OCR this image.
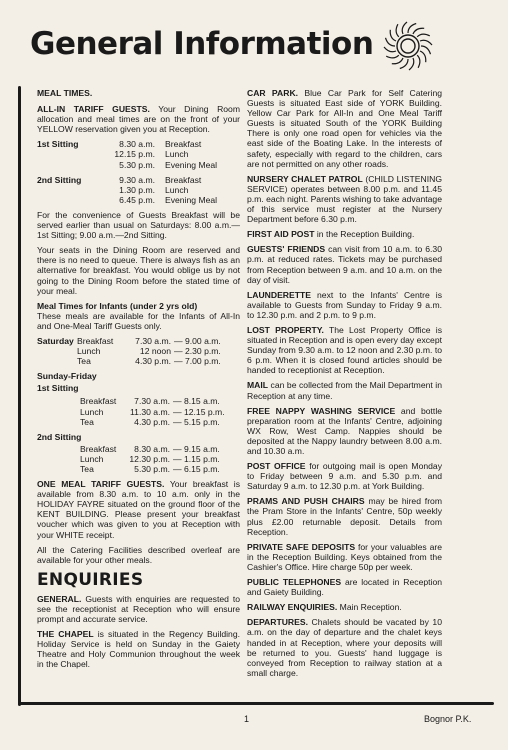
General Information
MEAL TIMES.

ALL-IN TARIFF GUESTS. Your Dining Room allocation and meal times are on the front of your YELLOW reservation given you at Reception.

1st Sitting	8.30 a.m.	Breakfast
	12.15 p.m.	Lunch
	5.30 p.m.	Evening Meal
2nd Sitting	9.30 a.m.	Breakfast
	1.30 p.m.	Lunch
	6.45 p.m.	Evening Meal

For the convenience of Guests Breakfast will be served earlier than usual on Saturdays: 8.00 a.m.—1st Sitting; 9.00 a.m.—2nd Sitting.

Your seats in the Dining Room are reserved and there is no need to queue. There is always fish as an alternative for breakfast. You would oblige us by not going to the Dining Room before the stated time of your meal.

Meal Times for Infants (under 2 yrs old)

These meals are available for the Infants of All-In and One-Meal Tariff Guests only.

Saturday	Breakfast	7.30 a.m.	— 9.00 a.m.
	Lunch	12 noon	— 2.30 p.m.
	Tea	4.30 p.m.	— 7.00 p.m.
Sunday-Friday
1st Sitting
	Breakfast	7.30 a.m.	— 8.15 a.m.
	Lunch	11.30 a.m.	— 12.15 p.m.
	Tea	4.30 p.m.	— 5.15 p.m.
2nd Sitting
	Breakfast	8.30 a.m.	— 9.15 a.m.
	Lunch	12.30 p.m.	— 1.15 p.m.
	Tea	5.30 p.m.	— 6.15 p.m.

ONE MEAL TARIFF GUESTS. Your breakfast is available from 8.30 a.m. to 10 a.m. only in the HOLIDAY FAYRE situated on the ground floor of the KENT BUILDING. Please present your breakfast voucher which was given to you at Reception with your WHITE receipt.

All the Catering Facilities described overleaf are available for your other meals.

ENQUIRIES

GENERAL. Guests with enquiries are requested to see the receptionist at Reception who will ensure prompt and accurate service.

THE CHAPEL is situated in the Regency Building. Holiday Service is held on Sunday in the Gaiety Theatre and Holy Communion throughout the week in the Chapel.

CAR PARK. Blue Car Park for Self Catering Guests is situated East side of YORK Building. Yellow Car Park for All-In and One Meal Tariff Guests is situated South of the YORK Building There is only one road open for vehicles via the east side of the Boating Lake. In the interests of safety, especially with regard to the children, cars are not permitted on any other roads.

NURSERY CHALET PATROL (CHILD LISTENING SERVICE) operates between 8.00 p.m. and 11.45 p.m. each night. Parents wishing to take advantage of this service must register at the Nursery Department before 6.30 p.m.

FIRST AID POST in the Reception Building.

GUESTS' FRIENDS can visit from 10 a.m. to 6.30 p.m. at reduced rates. Tickets may be purchased from Reception between 9 a.m. and 10 a.m. on the day of visit.

LAUNDERETTE next to the Infants' Centre is available to Guests from Sunday to Friday 9 a.m. to 12.30 p.m. and 2 p.m. to 9 p.m.

LOST PROPERTY. The Lost Property Office is situated in Reception and is open every day except Sunday from 9.30 a.m. to 12 noon and 2.30 p.m. to 6 p.m. When it is closed found articles should be handed to receptionist at Reception.

MAIL can be collected from the Mail Department in Reception at any time.

FREE NAPPY WASHING SERVICE and bottle preparation room at the Infants' Centre, adjoining WX Row, West Camp. Nappies should be deposited at the Nappy laundry between 8.00 a.m. and 10.30 a.m.

POST OFFICE for outgoing mail is open Monday to Friday between 9 a.m. and 5.30 p.m. and Saturday 9 a.m. to 12.30 p.m. at York Building.

PRAMS AND PUSH CHAIRS may be hired from the Pram Store in the Infants' Centre, 50p weekly plus £2.00 returnable deposit. Details from Reception.

PRIVATE SAFE DEPOSITS for your valuables are in the Reception Building. Keys obtained from the Cashier's Office. Hire charge 50p per week.

PUBLIC TELEPHONES are located in Reception and Gaiety Building.

RAILWAY ENQUIRIES. Main Reception.

DEPARTURES. Chalets should be vacated by 10 a.m. on the day of departure and the chalet keys handed in at Reception, where your deposits will be returned to you. Guests' hand luggage is conveyed from Reception to railway station at a small charge.

1	Bognor P.K.
